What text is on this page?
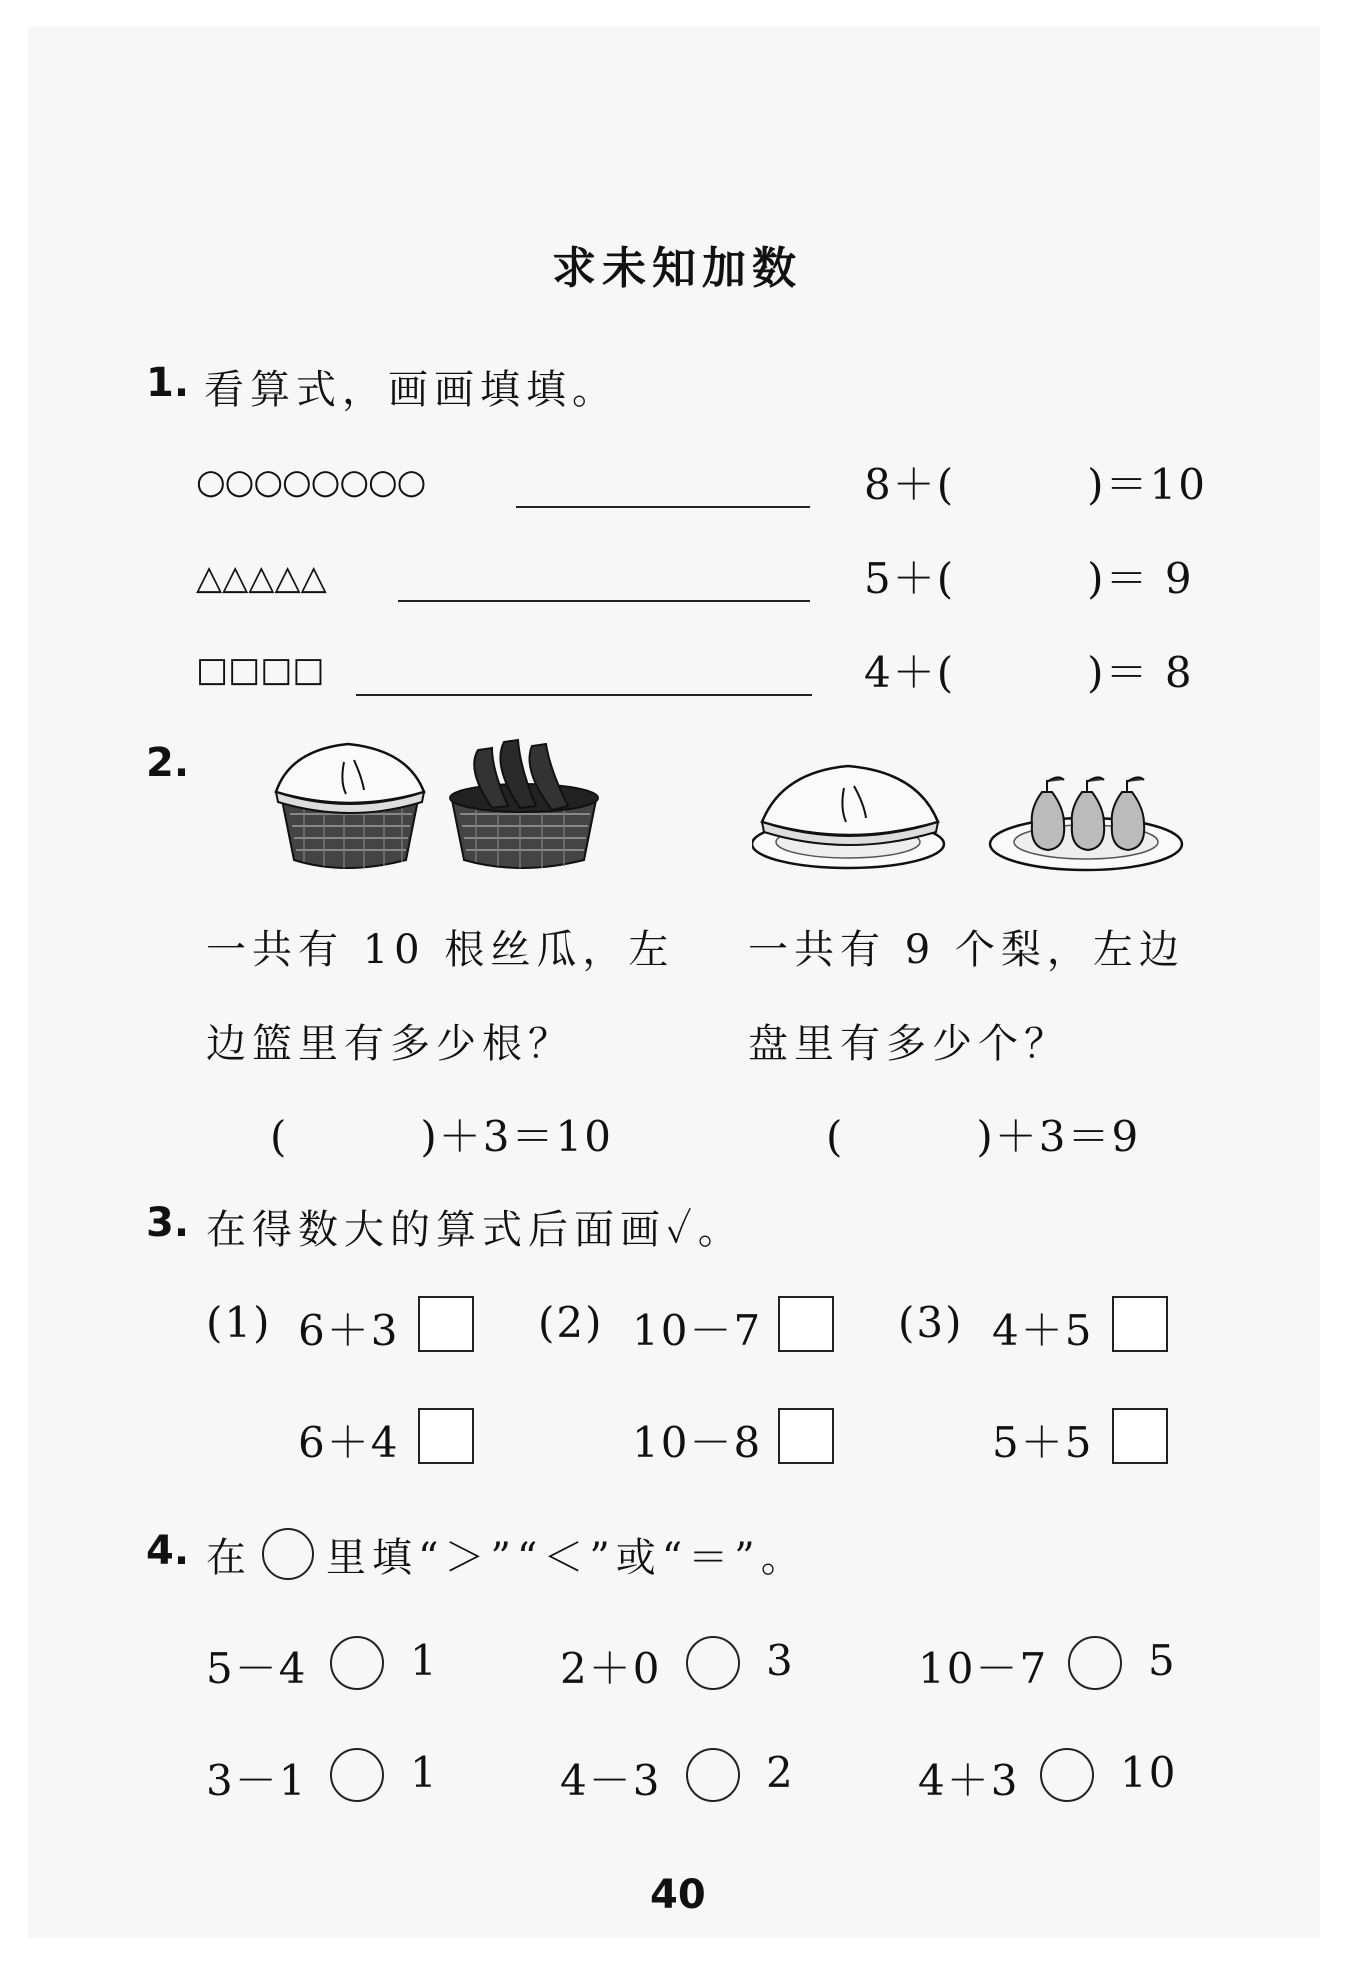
求未知加数
1. 看算式，画画填填。
○○○○○○○○	8＋(　　　)＝10
△△△△△	5＋(　　　)＝ 9
□□□□	4＋(　　　)＝ 8
2.
一共有 10 根丝瓜，左
边篮里有多少根？
(　　　)＋3＝10
一共有 9 个梨，左边
盘里有多少个？
(　　　)＋3＝9
3. 在得数大的算式后面画✓。
(1) 6＋3
6＋4
(2) 10－7
10－8
(3) 4＋5
5＋5
4. 在 里填“＞”“＜”或“＝”。
5－4 1	2＋0 3	10－7 5
3－1 1	4－3 2	4＋3 10
40
